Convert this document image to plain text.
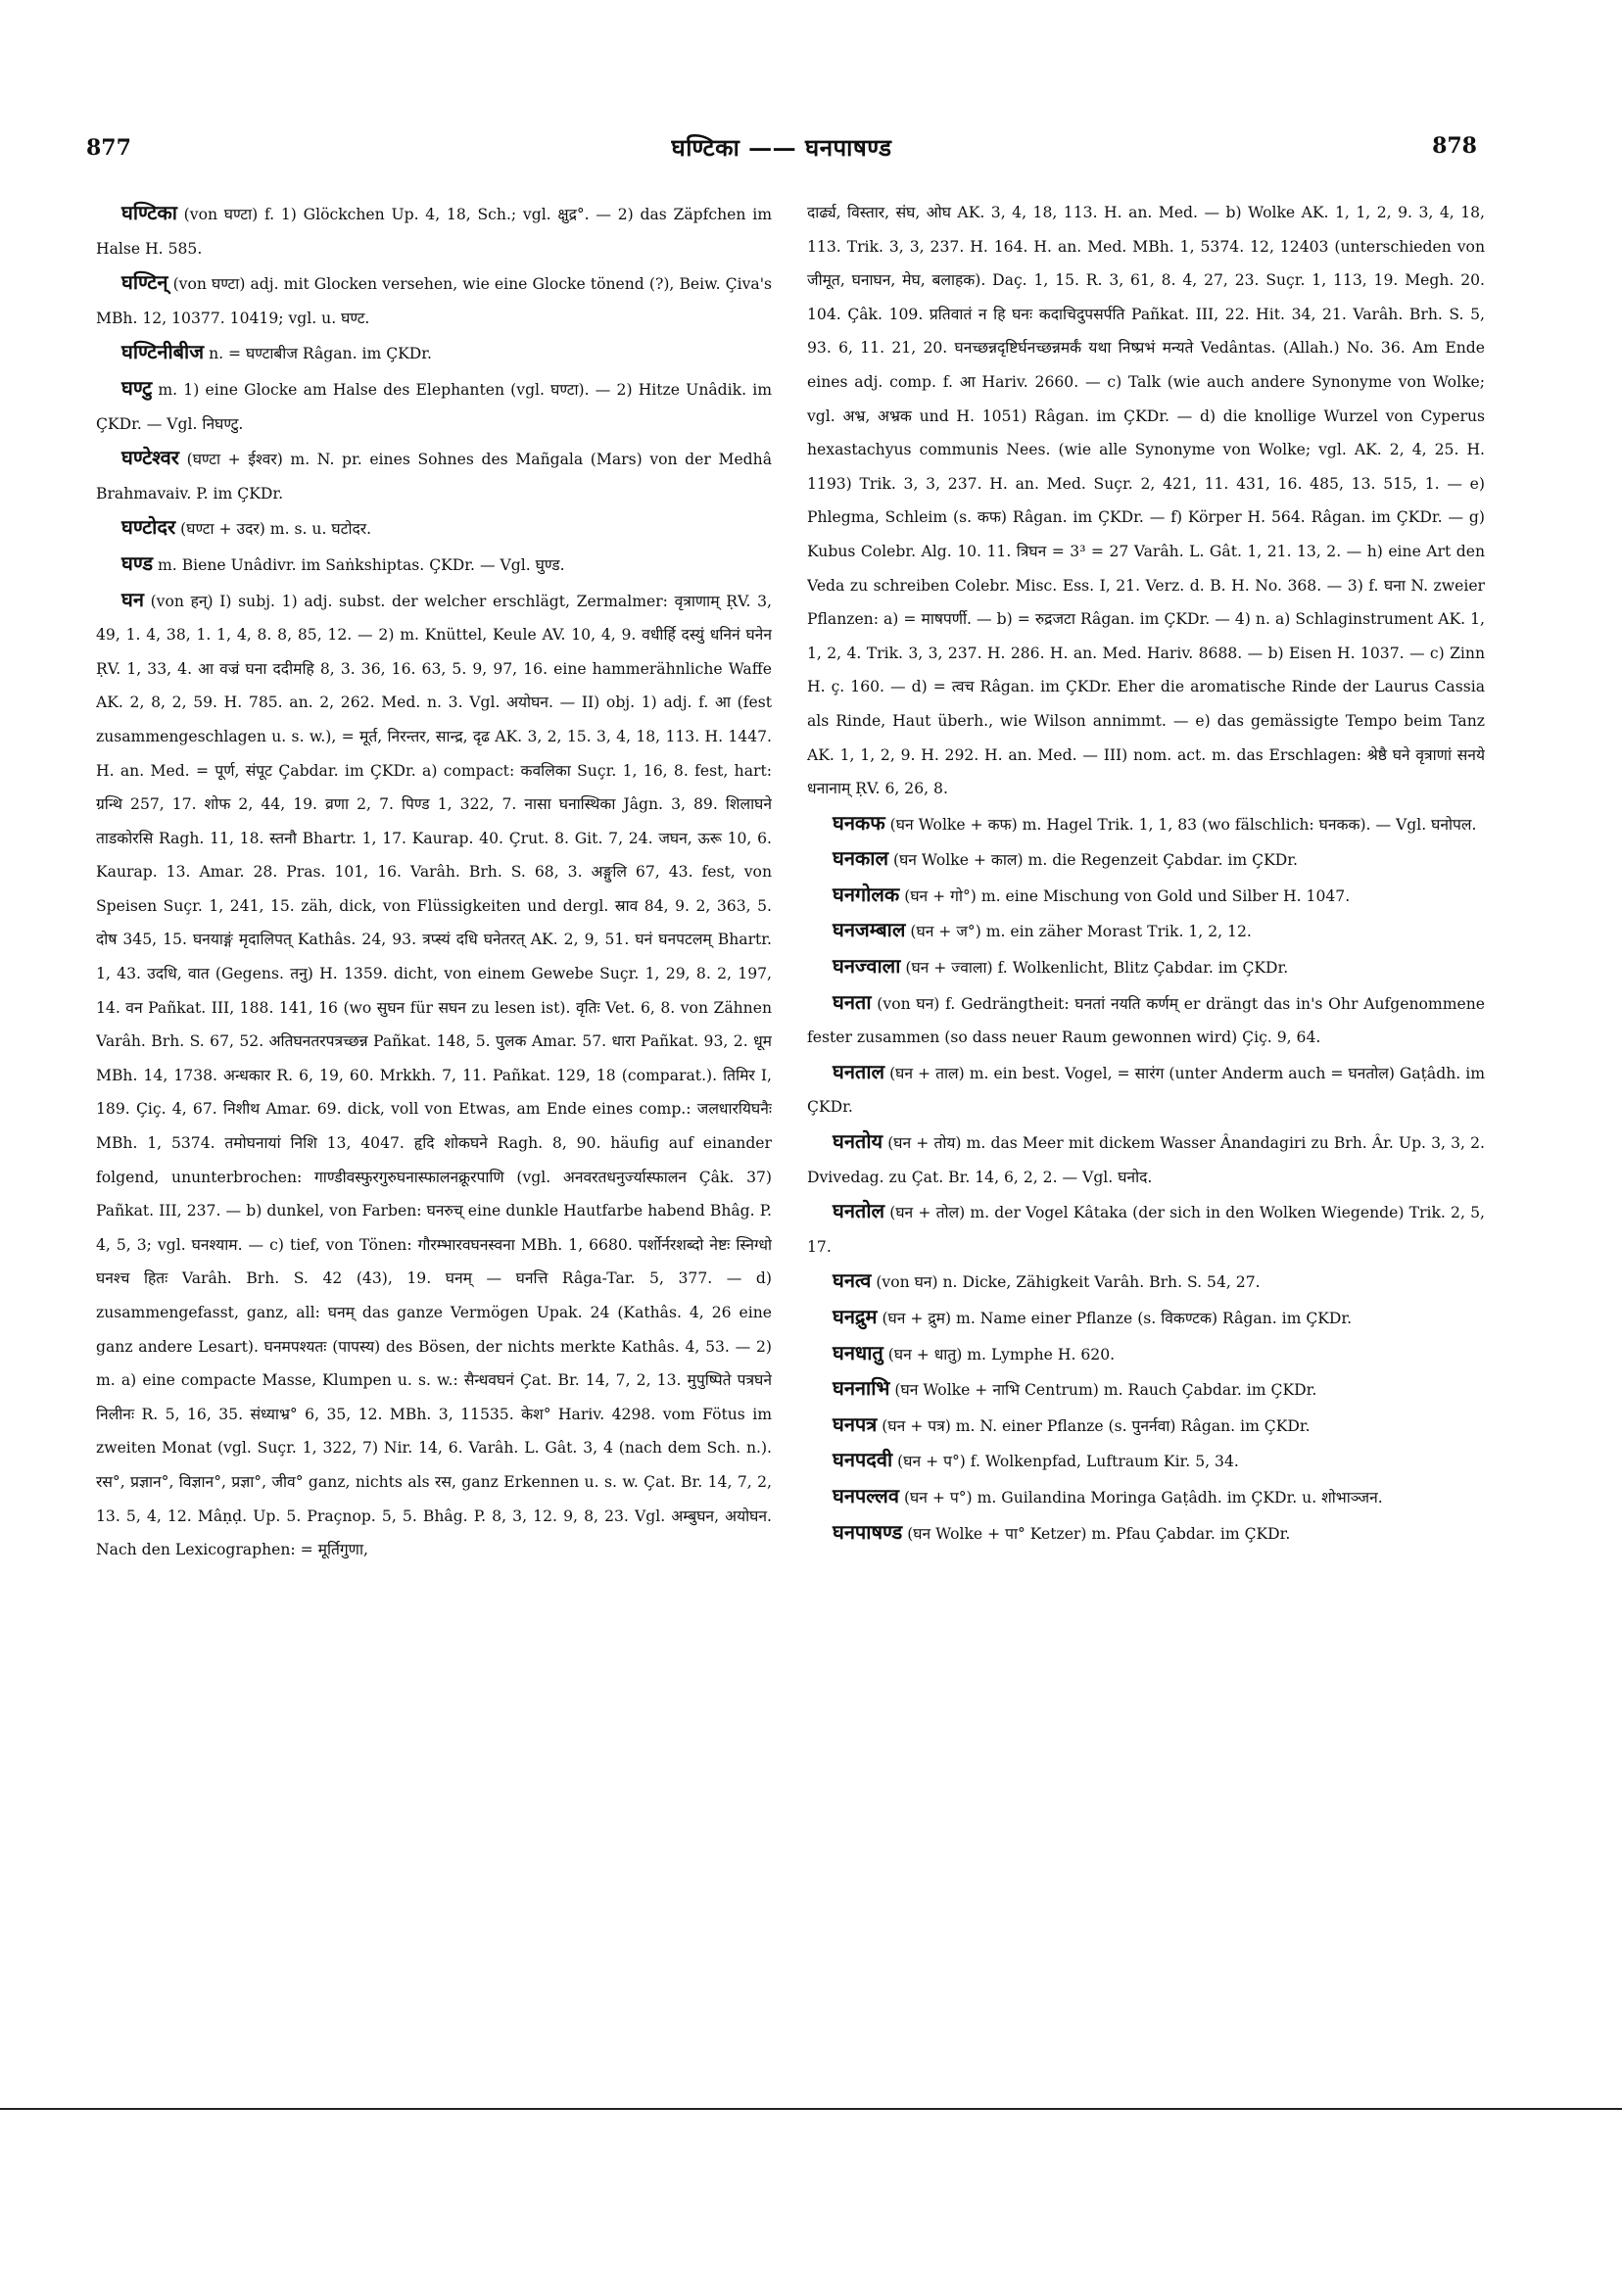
877	घण्टिका —— घनपाषण्ड	878

घण्टिका (von घण्टा) f. 1) Glöckchen Up. 4, 18, Sch.; vgl. क्षुद्र°. — 2) das Zäpfchen im Halse H. 585.

घण्टिन् (von घण्टा) adj. mit Glocken versehen, wie eine Glocke tönend (?), Beiw. Çiva's MBh. 12, 10377. 10419; vgl. u. घण्ट.

घण्टिनीबीज n. = घण्टाबीज Râgan. im ÇKDr.

घण्टु m. 1) eine Glocke am Halse des Elephanten (vgl. घण्टा). — 2) Hitze Unâdik. im ÇKDr. — Vgl. निघण्टु.

घण्टेश्वर (घण्टा + ईश्वर) m. N. pr. eines Sohnes des Mañgala (Mars) von der Medhâ Brahmavaiv. P. im ÇKDr.

घण्टोदर (घण्टा + उदर) m. s. u. घटोदर.

घण्ड m. Biene Unâdivr. im Saṅkshiptas. ÇKDr. — Vgl. घुण्ड.

घन (von हन्) I) subj. 1) adj. subst. der welcher erschlägt, Zermalmer: वृत्राणाम् ṚV. 3, 49, 1. 4, 38, 1. 1, 4, 8. 8, 85, 12. — 2) m. Knüttel, Keule AV. 10, 4, 9. वधीर्हि दस्युं धनिनं घनेन ṚV. 1, 33, 4. आ वज्रं घना ददीमहि 8, 3. 36, 16. 63, 5. 9, 97, 16. eine hammerähnliche Waffe AK. 2, 8, 2, 59. H. 785. an. 2, 262. Med. n. 3. Vgl. अयोघन. — II) obj. 1) adj. f. आ (fest zusammengeschlagen u. s. w.), = मूर्त, निरन्तर, सान्द्र, दृढ AK. 3, 2, 15. 3, 4, 18, 113. H. 1447. H. an. Med. = पूर्ण, संपूट Çabdar. im ÇKDr. a) compact: कवलिका Suçr. 1, 16, 8. fest, hart: ग्रन्थि 257, 17. शोफ 2, 44, 19. व्रणा 2, 7. पिण्ड 1, 322, 7. नासा घनास्थिका Jâgn. 3, 89. शिलाघने ताडकोरसि Ragh. 11, 18. स्तनौ Bhartr. 1, 17. Kaurap. 40. Çrut. 8. Git. 7, 24. जघन, ऊरू 10, 6. Kaurap. 13. Amar. 28. Pras. 101, 16. Varâh. Brh. S. 68, 3. अङ्गुलि 67, 43. fest, von Speisen Suçr. 1, 241, 15. zäh, dick, von Flüssigkeiten und dergl. स्राव 84, 9. 2, 363, 5. दोष 345, 15. घनयाङ्गं मृदालिपत् Kathâs. 24, 93. त्रप्स्यं दधि घनेतरत् AK. 2, 9, 51. घनं घनपटलम् Bhartr. 1, 43. उदधि, वात (Gegens. तनु) H. 1359. dicht, von einem Gewebe Suçr. 1, 29, 8. 2, 197, 14. वन Pañkat. III, 188. 141, 16 (wo सुघन für सघन zu lesen ist). वृतिः Vet. 6, 8. von Zähnen Varâh. Brh. S. 67, 52. अतिघनतरपत्रच्छन्न Pañkat. 148, 5. पुलक Amar. 57. धारा Pañkat. 93, 2. धूम MBh. 14, 1738. अन्धकार R. 6, 19, 60. Mrkkh. 7, 11. Pañkat. 129, 18 (comparat.). तिमिर I, 189. Çiç. 4, 67. निशीथ Amar. 69. dick, voll von Etwas, am Ende eines comp.: जलधारयिघनैः MBh. 1, 5374. तमोघनायां निशि 13, 4047. हृदि शोकघने Ragh. 8, 90. häufig auf einander folgend, ununterbrochen: गाण्डीवस्फुरगुरुघनास्फालनक्रूरपाणि (vgl. अनवरतधनुर्ज्यास्फालन Çâk. 37) Pañkat. III, 237. — b) dunkel, von Farben: घनरुच् eine dunkle Hautfarbe habend Bhâg. P. 4, 5, 3; vgl. घनश्याम. — c) tief, von Tönen: गौरम्भारवघनस्वना MBh. 1, 6680. पर्शोर्नरशब्दो नेष्टः स्निग्धो घनश्च हितः Varâh. Brh. S. 42 (43), 19. घनम् — घनत्ति Râga-Tar. 5, 377. — d) zusammengefasst, ganz, all: घनम् das ganze Vermögen Upak. 24 (Kathâs. 4, 26 eine ganz andere Lesart). घनमपश्यतः (पापस्य) des Bösen, der nichts merkte Kathâs. 4, 53. — 2) m. a) eine compacte Masse, Klumpen u. s. w.: सैन्धवघनं Çat. Br. 14, 7, 2, 13. मुपुष्पिते पत्रघने निलीनः R. 5, 16, 35. संध्याभ्र° 6, 35, 12. MBh. 3, 11535. केश° Hariv. 4298. vom Fötus im zweiten Monat (vgl. Suçr. 1, 322, 7) Nir. 14, 6. Varâh. L. Gât. 3, 4 (nach dem Sch. n.). रस°, प्रज्ञान°, विज्ञान°, प्रज्ञा°, जीव° ganz, nichts als रस, ganz Erkennen u. s. w. Çat. Br. 14, 7, 2, 13. 5, 4, 12. Mâṇḍ. Up. 5. Praçnop. 5, 5. Bhâg. P. 8, 3, 12. 9, 8, 23. Vgl. अम्बुघन, अयोघन. Nach den Lexicographen: = मूर्तिगुणा,

दार्ढ्य, विस्तार, संघ, ओघ AK. 3, 4, 18, 113. H. an. Med. — b) Wolke AK. 1, 1, 2, 9. 3, 4, 18, 113. Trik. 3, 3, 237. H. 164. H. an. Med. MBh. 1, 5374. 12, 12403 (unterschieden von जीमूत, घनाघन, मेघ, बलाहक). Daç. 1, 15. R. 3, 61, 8. 4, 27, 23. Suçr. 1, 113, 19. Megh. 20. 104. Çâk. 109. प्रतिवातं न हि घनः कदाचिदुपसर्पति Pañkat. III, 22. Hit. 34, 21. Varâh. Brh. S. 5, 93. 6, 11. 21, 20. घनच्छन्नदृष्टिर्घनच्छन्नमर्कं यथा निष्प्रभं मन्यते Vedântas. (Allah.) No. 36. Am Ende eines adj. comp. f. आ Hariv. 2660. — c) Talk (wie auch andere Synonyme von Wolke; vgl. अभ्र, अभ्रक und H. 1051) Râgan. im ÇKDr. — d) die knollige Wurzel von Cyperus hexastachyus communis Nees. (wie alle Synonyme von Wolke; vgl. AK. 2, 4, 25. H. 1193) Trik. 3, 3, 237. H. an. Med. Suçr. 2, 421, 11. 431, 16. 485, 13. 515, 1. — e) Phlegma, Schleim (s. कफ) Râgan. im ÇKDr. — f) Körper H. 564. Râgan. im ÇKDr. — g) Kubus Colebr. Alg. 10. 11. त्रिघन = 3³ = 27 Varâh. L. Gât. 1, 21. 13, 2. — h) eine Art den Veda zu schreiben Colebr. Misc. Ess. I, 21. Verz. d. B. H. No. 368. — 3) f. घना N. zweier Pflanzen: a) = माषपर्णी. — b) = रुद्रजटा Râgan. im ÇKDr. — 4) n. a) Schlaginstrument AK. 1, 1, 2, 4. Trik. 3, 3, 237. H. 286. H. an. Med. Hariv. 8688. — b) Eisen H. 1037. — c) Zinn H. ç. 160. — d) = त्वच Râgan. im ÇKDr. Eher die aromatische Rinde der Laurus Cassia als Rinde, Haut überh., wie Wilson annimmt. — e) das gemässigte Tempo beim Tanz AK. 1, 1, 2, 9. H. 292. H. an. Med. — III) nom. act. m. das Erschlagen: श्रेष्ठै घने वृत्राणां सनये धनानाम् ṚV. 6, 26, 8.

घनकफ (घन Wolke + कफ) m. Hagel Trik. 1, 1, 83 (wo fälschlich: घनकक). — Vgl. घनोपल.

घनकाल (घन Wolke + काल) m. die Regenzeit Çabdar. im ÇKDr.

घनगोलक (घन + गो°) m. eine Mischung von Gold und Silber H. 1047.

घनजम्बाल (घन + ज°) m. ein zäher Morast Trik. 1, 2, 12.

घनज्वाला (घन + ज्वाला) f. Wolkenlicht, Blitz Çabdar. im ÇKDr.

घनता (von घन) f. Gedrängtheit: घनतां नयति कर्णम् er drängt das in's Ohr Aufgenommene fester zusammen (so dass neuer Raum gewonnen wird) Çiç. 9, 64.

घनताल (घन + ताल) m. ein best. Vogel, = सारंग (unter Anderm auch = घनतोल) Gaṭâdh. im ÇKDr.

घनतोय (घन + तोय) m. das Meer mit dickem Wasser Ânandagiri zu Brh. Âr. Up. 3, 3, 2. Dvivedag. zu Çat. Br. 14, 6, 2, 2. — Vgl. घनोद.

घनतोल (घन + तोल) m. der Vogel Kâtaka (der sich in den Wolken Wiegende) Trik. 2, 5, 17.

घनत्व (von घन) n. Dicke, Zähigkeit Varâh. Brh. S. 54, 27.

घनद्रुम (घन + द्रुम) m. Name einer Pflanze (s. विकण्टक) Râgan. im ÇKDr.

घनधातु (घन + धातु) m. Lymphe H. 620.

घननाभि (घन Wolke + नाभि Centrum) m. Rauch Çabdar. im ÇKDr.

घनपत्र (घन + पत्र) m. N. einer Pflanze (s. पुनर्नवा) Râgan. im ÇKDr.

घनपदवी (घन + प°) f. Wolkenpfad, Luftraum Kir. 5, 34.

घनपल्लव (घन + प°) m. Guilandina Moringa Gaṭâdh. im ÇKDr. u. शोभाञ्जन.

घनपाषण्ड (घन Wolke + पा° Ketzer) m. Pfau Çabdar. im ÇKDr.
